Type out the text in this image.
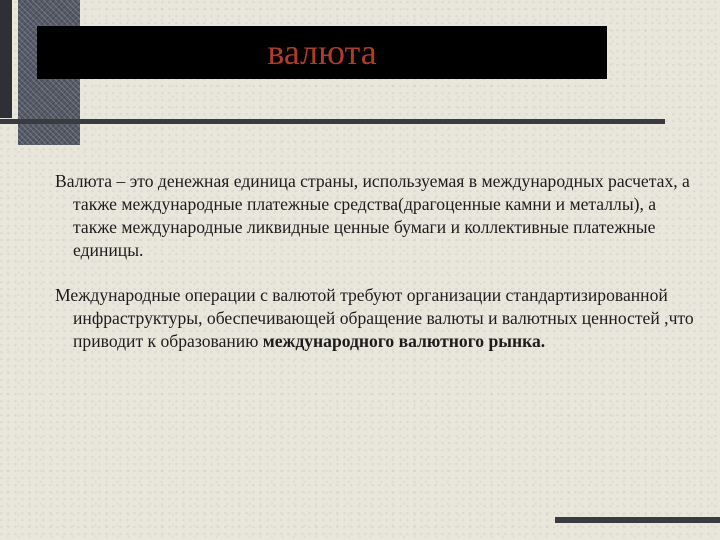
валюта

Валюта – это денежная единица страны, используемая в международных расчетах, а также международные платежные средства(драгоценные камни и металлы), а также международные ликвидные ценные бумаги и коллективные платежные единицы.

Международные операции с валютой требуют организации стандартизированной инфраструктуры, обеспечивающей обращение валюты и валютных ценностей ,что приводит к образованию международного валютного рынка.
